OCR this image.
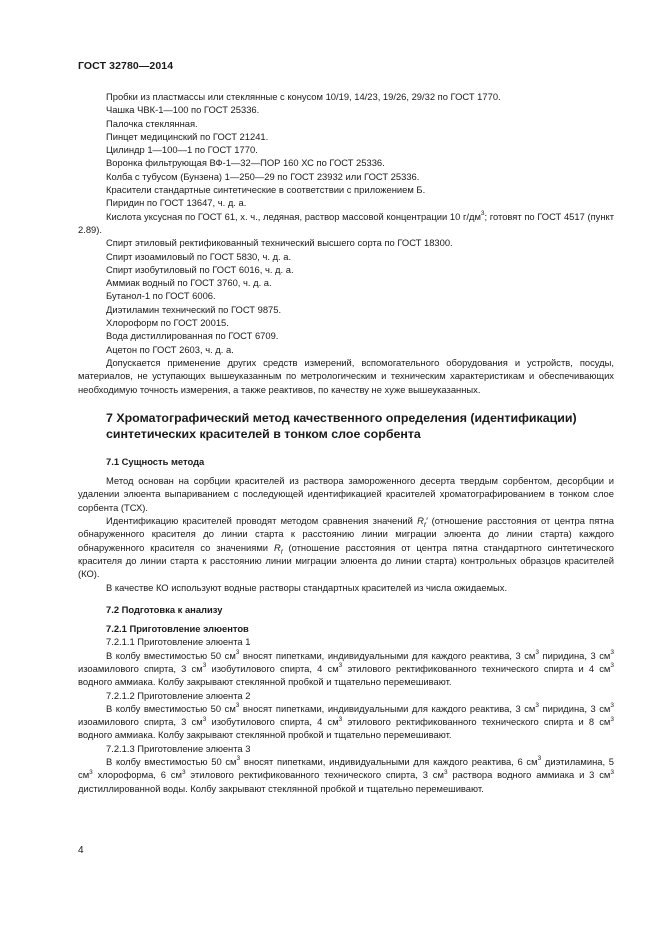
ГОСТ 32780—2014

Пробки из пластмассы или стеклянные с конусом 10/19, 14/23, 19/26, 29/32 по ГОСТ 1770.

Чашка ЧВК-1—100 по ГОСТ 25336.

Палочка стеклянная.

Пинцет медицинский по ГОСТ 21241.

Цилиндр 1—100—1 по ГОСТ 1770.

Воронка фильтрующая ВФ-1—32—ПОР 160 ХС по ГОСТ 25336.

Колба с тубусом (Бунзена) 1—250—29 по ГОСТ 23932 или ГОСТ 25336.

Красители стандартные синтетические в соответствии с приложением Б.

Пиридин по ГОСТ 13647, ч. д. а.

Кислота уксусная по ГОСТ 61, х. ч., ледяная, раствор массовой концентрации 10 $г/дм^3$; готовят по ГОСТ 4517 (пункт 2.89).

Спирт этиловый ректификованный технический высшего сорта по ГОСТ 18300.

Спирт изоамиловый по ГОСТ 5830, ч. д. а.

Спирт изобутиловый по ГОСТ 6016, ч. д. а.

Аммиак водный по ГОСТ 3760, ч. д. а.

Бутанол-1 по ГОСТ 6006.

Диэтиламин технический по ГОСТ 9875.

Хлороформ по ГОСТ 20015.

Вода дистиллированная по ГОСТ 6709.

Ацетон по ГОСТ 2603, ч. д. а.

Допускается применение других средств измерений, вспомогательного оборудования и устройств, посуды, материалов, не уступающих вышеуказанным по метрологическим и техническим характеристикам и обеспечивающих необходимую точность измерения, а также реактивов, по качеству не хуже вышеуказанных.

7 Хроматографический метод качественного определения (идентификации) синтетических красителей в тонком слое сорбента
7.1 Сущность метода

Метод основан на сорбции красителей из раствора замороженного десерта твердым сорбентом, десорбции и удалении элюента выпариванием с последующей идентификацией красителей хроматографированием в тонком слое сорбента (ТСХ).

Идентификацию красителей проводят методом сравнения значений $R_f'$ (отношение расстояния от центра пятна обнаруженного красителя до линии старта к расстоянию линии миграции элюента до линии старта) каждого обнаруженного красителя со значениями $R_f$ (отношение расстояния от центра пятна стандартного синтетического красителя до линии старта к расстоянию линии миграции элюента до линии старта) контрольных образцов красителей (КО).

В качестве КО используют водные растворы стандартных красителей из числа ожидаемых.

7.2 Подготовка к анализу
7.2.1 Приготовление элюентов

7.2.1.1 Приготовление элюента 1

В колбу вместимостью 50 $см^3$ вносят пипетками, индивидуальными для каждого реактива, 3 $см^3$ пиридина, 3 $см^3$ изоамилового спирта, 3 $см^3$ изобутилового спирта, 4 $см^3$ этилового ректификованного технического спирта и 4 $см^3$ водного аммиака. Колбу закрывают стеклянной пробкой и тщательно перемешивают.

7.2.1.2 Приготовление элюента 2

В колбу вместимостью 50 $см^3$ вносят пипетками, индивидуальными для каждого реактива, 3 $см^3$ пиридина, 3 $см^3$ изоамилового спирта, 3 $см^3$ изобутилового спирта, 4 $см^3$ этилового ректификованного технического спирта и 8 $см^3$ водного аммиака. Колбу закрывают стеклянной пробкой и тщательно перемешивают.

7.2.1.3 Приготовление элюента 3

В колбу вместимостью 50 $см^3$ вносят пипетками, индивидуальными для каждого реактива, 6 $см^3$ диэтиламина, 5 $см^3$ хлороформа, 6 $см^3$ этилового ректификованного технического спирта, 3 $см^3$ раствора водного аммиака и 3 $см^3$ дистиллированной воды. Колбу закрывают стеклянной пробкой и тщательно перемешивают.

4
